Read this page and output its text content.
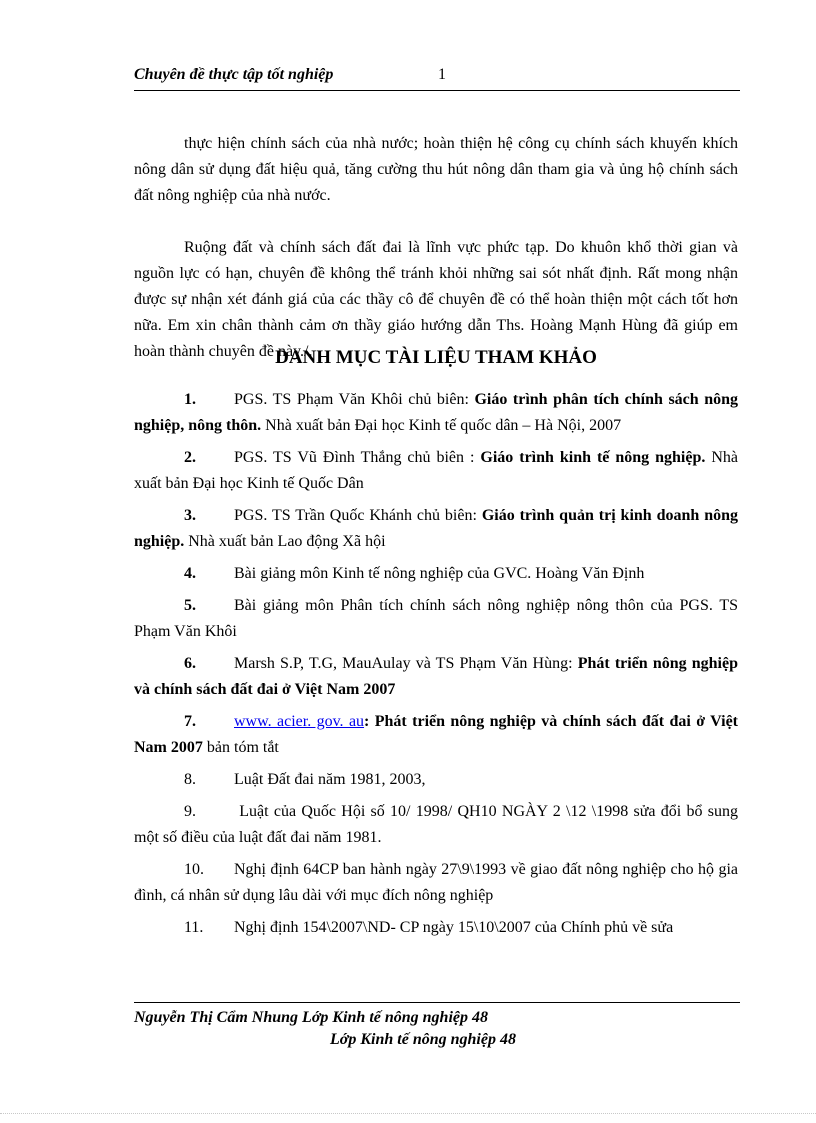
Chuyên đề thực tập tốt nghiệp	1

thực hiện chính sách của nhà nước; hoàn thiện hệ công cụ chính sách khuyến khích nông dân sử dụng đất hiệu quả, tăng cường thu hút nông dân tham gia và ủng hộ chính sách đất nông nghiệp của nhà nước.

Ruộng đất và chính sách đất đai là lĩnh vực phức tạp. Do khuôn khổ thời gian và nguồn lực có hạn, chuyên đề không thể tránh khỏi những sai sót nhất định. Rất mong nhận được sự nhận xét đánh giá của các thầy cô để chuyên đề có thể hoàn thiện một cách tốt hơn nữa. Em xin chân thành cảm ơn thầy giáo hướng dẫn Ths. Hoàng Mạnh Hùng đã giúp em hoàn thành chuyên đề này./.

DANH MỤC TÀI LIỆU THAM KHẢO

1. PGS. TS Phạm Văn Khôi chủ biên: Giáo trình phân tích chính sách nông nghiệp, nông thôn. Nhà xuất bản Đại học Kinh tế quốc dân – Hà Nội, 2007

2. PGS. TS Vũ Đình Thắng chủ biên : Giáo trình kinh tế nông nghiệp. Nhà xuất bản Đại học Kinh tế Quốc Dân

3. PGS. TS Trần Quốc Khánh chủ biên: Giáo trình quản trị kinh doanh nông nghiệp. Nhà xuất bản Lao động Xã hội

4. Bài giảng môn Kinh tế nông nghiệp của GVC. Hoàng Văn Định

5. Bài giảng môn Phân tích chính sách nông nghiệp nông thôn của PGS. TS Phạm Văn Khôi

6. Marsh S.P, T.G, MauAulay và TS Phạm Văn Hùng: Phát triển nông nghiệp và chính sách đất đai ở Việt Nam 2007

7. www. acier. gov. au: Phát triển nông nghiệp và chính sách đất đai ở Việt Nam 2007 bản tóm tắt

8. Luật Đất đai năm 1981, 2003,

9. Luật của Quốc Hội số 10/ 1998/ QH10 NGÀY 2 \12 \1998 sửa đổi bổ sung một số điều của luật đất đai năm 1981.

10. Nghị định 64CP ban hành ngày 27\9\1993 về giao đất nông nghiệp cho hộ gia đình, cá nhân sử dụng lâu dài với mục đích nông nghiệp

11. Nghị định 154\2007\ND- CP ngày 15\10\2007 của Chính phủ về sửa

Nguyễn Thị Cẩm Nhung Lớp Kinh tế nông nghiệp 48
Lớp Kinh tế nông nghiệp 48
